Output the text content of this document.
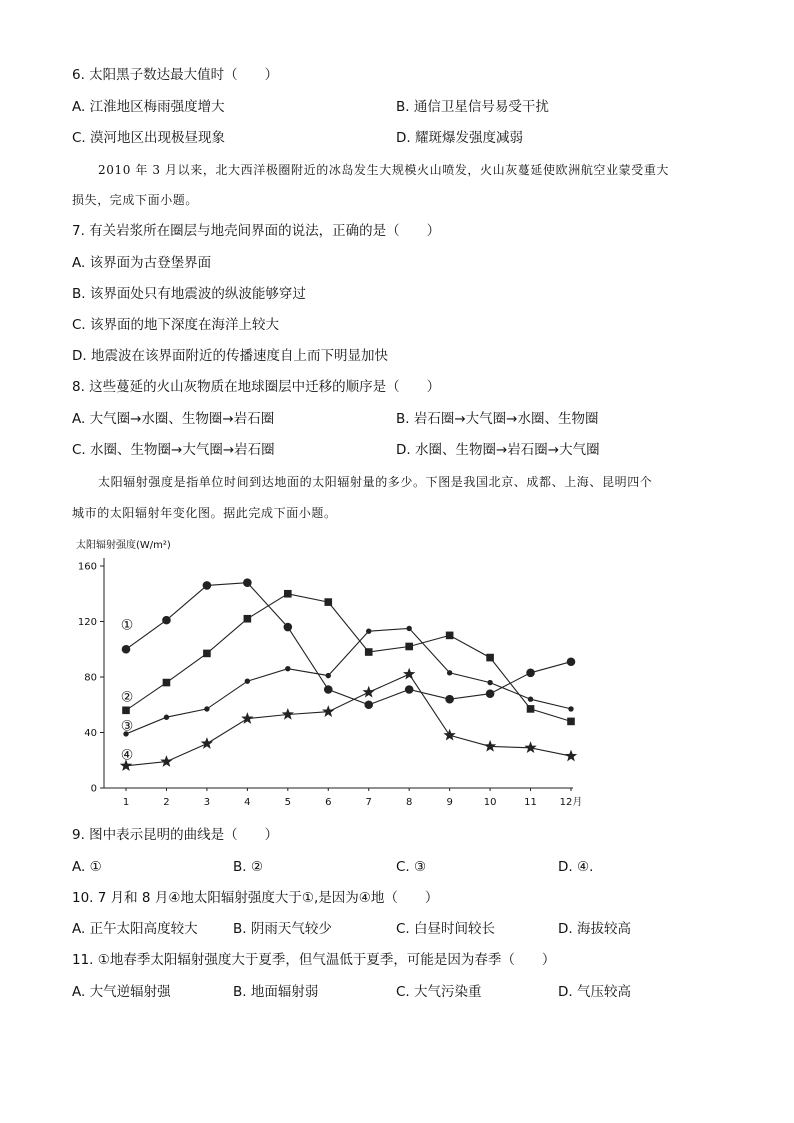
6. 太阳黑子数达最大值时（　　）
A. 江淮地区梅雨强度增大	B. 通信卫星信号易受干扰
C. 漠河地区出现极昼现象	D. 耀斑爆发强度减弱
2010 年 3 月以来，北大西洋极圈附近的冰岛发生大规模火山喷发，火山灰蔓延使欧洲航空业蒙受重大
损失，完成下面小题。
7. 有关岩浆所在圈层与地壳间界面的说法，正确的是（　　）
A. 该界面为古登堡界面
B. 该界面处只有地震波的纵波能够穿过
C. 该界面的地下深度在海洋上较大
D. 地震波在该界面附近的传播速度自上而下明显加快
8. 这些蔓延的火山灰物质在地球圈层中迁移的顺序是（　　）
A. 大气圈→水圈、生物圈→岩石圈	B. 岩石圈→大气圈→水圈、生物圈
C. 水圈、生物圈→大气圈→岩石圈	D. 水圈、生物圈→岩石圈→大气圈
太阳辐射强度是指单位时间到达地面的太阳辐射量的多少。下图是我国北京、成都、上海、昆明四个
城市的太阳辐射年变化图。据此完成下面小题。
太阳辐射强度(W/m²)
0
40
80
120
160
1	2	3	4	5	6	7	8	9	10	11 12月
①
②
③
④
9. 图中表示昆明的曲线是（　　）
A. ①	B. ②	C. ③	D. ④.
10. 7 月和 8 月④地太阳辐射强度大于①,是因为④地（　　）
A. 正午太阳高度较大	B. 阴雨天气较少	C. 白昼时间较长	D. 海拔较高
11. ①地春季太阳辐射强度大于夏季，但气温低于夏季，可能是因为春季（　　）
A. 大气逆辐射强	B. 地面辐射弱	C. 大气污染重	D. 气压较高
